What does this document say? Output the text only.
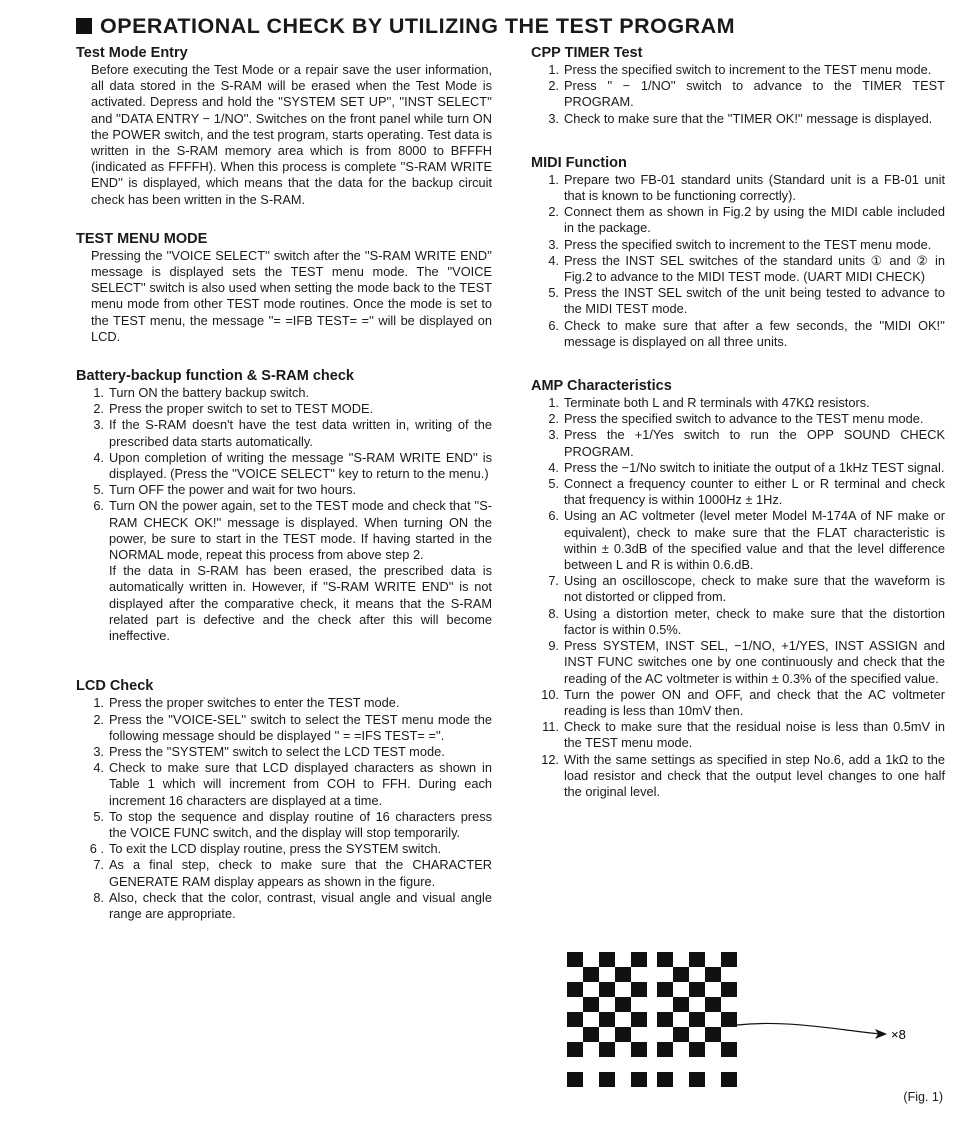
OPERATIONAL CHECK BY UTILIZING THE TEST PROGRAM
Test Mode Entry
Before executing the Test Mode or a repair save the user information, all data stored in the S-RAM will be erased when the Test Mode is activated. Depress and hold the ''SYSTEM SET UP'', ''INST SELECT'' and ''DATA ENTRY − 1/NO''. Switches on the front panel while turn ON the POWER switch, and the test program, starts operating. Test data is written in the S-RAM memory area which is from 8000 to BFFFH (indicated as FFFFH). When this process is complete ''S-RAM WRITE END'' is displayed, which means that the data for the backup circuit check has been written in the S-RAM.
TEST MENU MODE
Pressing the ''VOICE SELECT'' switch after the ''S-RAM WRITE END'' message is displayed sets the TEST menu mode. The ''VOICE SELECT'' switch is also used when setting the mode back to the TEST menu mode from other TEST mode routines. Once the mode is set to the TEST menu, the message ''= =IFB TEST= ='' will be displayed on LCD.
Battery-backup function & S-RAM check
1. Turn ON the battery backup switch.
2. Press the proper switch to set to TEST MODE.
3. If the S-RAM doesn't have the test data written in, writing of the prescribed data starts automatically.
4. Upon completion of writing the message ''S-RAM WRITE END'' is displayed. (Press the ''VOICE SELECT'' key to return to the menu.)
5. Turn OFF the power and wait for two hours.
6. Turn ON the power again, set to the TEST mode and check that ''S-RAM CHECK OK!'' message is displayed. When turning ON the power, be sure to start in the TEST mode. If having started in the NORMAL mode, repeat this process from above step 2.
If the data in S-RAM has been erased, the prescribed data is automatically written in. However, if ''S-RAM WRITE END'' is not displayed after the comparative check, it means that the S-RAM related part is defective and the check after this will become ineffective.
LCD Check
1. Press the proper switches to enter the TEST mode.
2. Press the ''VOICE-SEL'' switch to select the TEST menu mode the following message should be displayed '' = =IFS TEST= =''.
3. Press the ''SYSTEM'' switch to select the LCD TEST mode.
4. Check to make sure that LCD displayed characters as shown in Table 1 which will increment from COH to FFH. During each increment 16 characters are displayed at a time.
5. To stop the sequence and display routine of 16 characters press the VOICE FUNC switch, and the display will stop temporarily.
6 . To exit the LCD display routine, press the SYSTEM switch.
7. As a final step, check to make sure that the CHARACTER GENERATE RAM display appears as shown in the figure.
8. Also, check that the color, contrast, visual angle and visual angle range are appropriate.
CPP TIMER Test
1. Press the specified switch to increment to the TEST menu mode.
2. Press '' − 1/NO'' switch to advance to the TIMER TEST PROGRAM.
3. Check to make sure that the ''TIMER OK!'' message is displayed.
MIDI Function
1. Prepare two FB-01 standard units (Standard unit is a FB-01 unit that is known to be functioning correctly).
2. Connect them as shown in Fig.2 by using the MIDI cable included in the package.
3. Press the specified switch to increment to the TEST menu mode.
4. Press the INST SEL switches of the standard units ① and ② in Fig.2 to advance to the MIDI TEST mode. (UART MIDI CHECK)
5. Press the INST SEL switch of the unit being tested to advance to the MIDI TEST mode.
6. Check to make sure that after a few seconds, the ''MIDI OK!'' message is displayed on all three units.
AMP Characteristics
1. Terminate both L and R terminals with 47KΩ resistors.
2. Press the specified switch to advance to the TEST menu mode.
3. Press the +1/Yes switch to run the OPP SOUND CHECK PROGRAM.
4. Press the −1/No switch to initiate the output of a 1kHz TEST signal.
5. Connect a frequency counter to either L or R terminal and check that frequency is within 1000Hz ± 1Hz.
6. Using an AC voltmeter (level meter Model M-174A of NF make or equivalent), check to make sure that the FLAT characteristic is within ± 0.3dB of the specified value and that the level difference between L and R is within 0.6.dB.
7. Using an oscilloscope, check to make sure that the waveform is not distorted or clipped from.
8. Using a distortion meter, check to make sure that the distortion factor is within 0.5%.
9. Press SYSTEM, INST SEL, −1/NO, +1/YES, INST ASSIGN and INST FUNC switches one by one continuously and check that the reading of the AC voltmeter is within ± 0.3% of the specified value.
10. Turn the power ON and OFF, and check that the AC voltmeter reading is less than 10mV then.
11. Check to make sure that the residual noise is less than 0.5mV in the TEST menu mode.
12. With the same settings as specified in step No.6, add a 1kΩ to the load resistor and check that the output level changes to one half the original level.
×8
(Fig. 1)
